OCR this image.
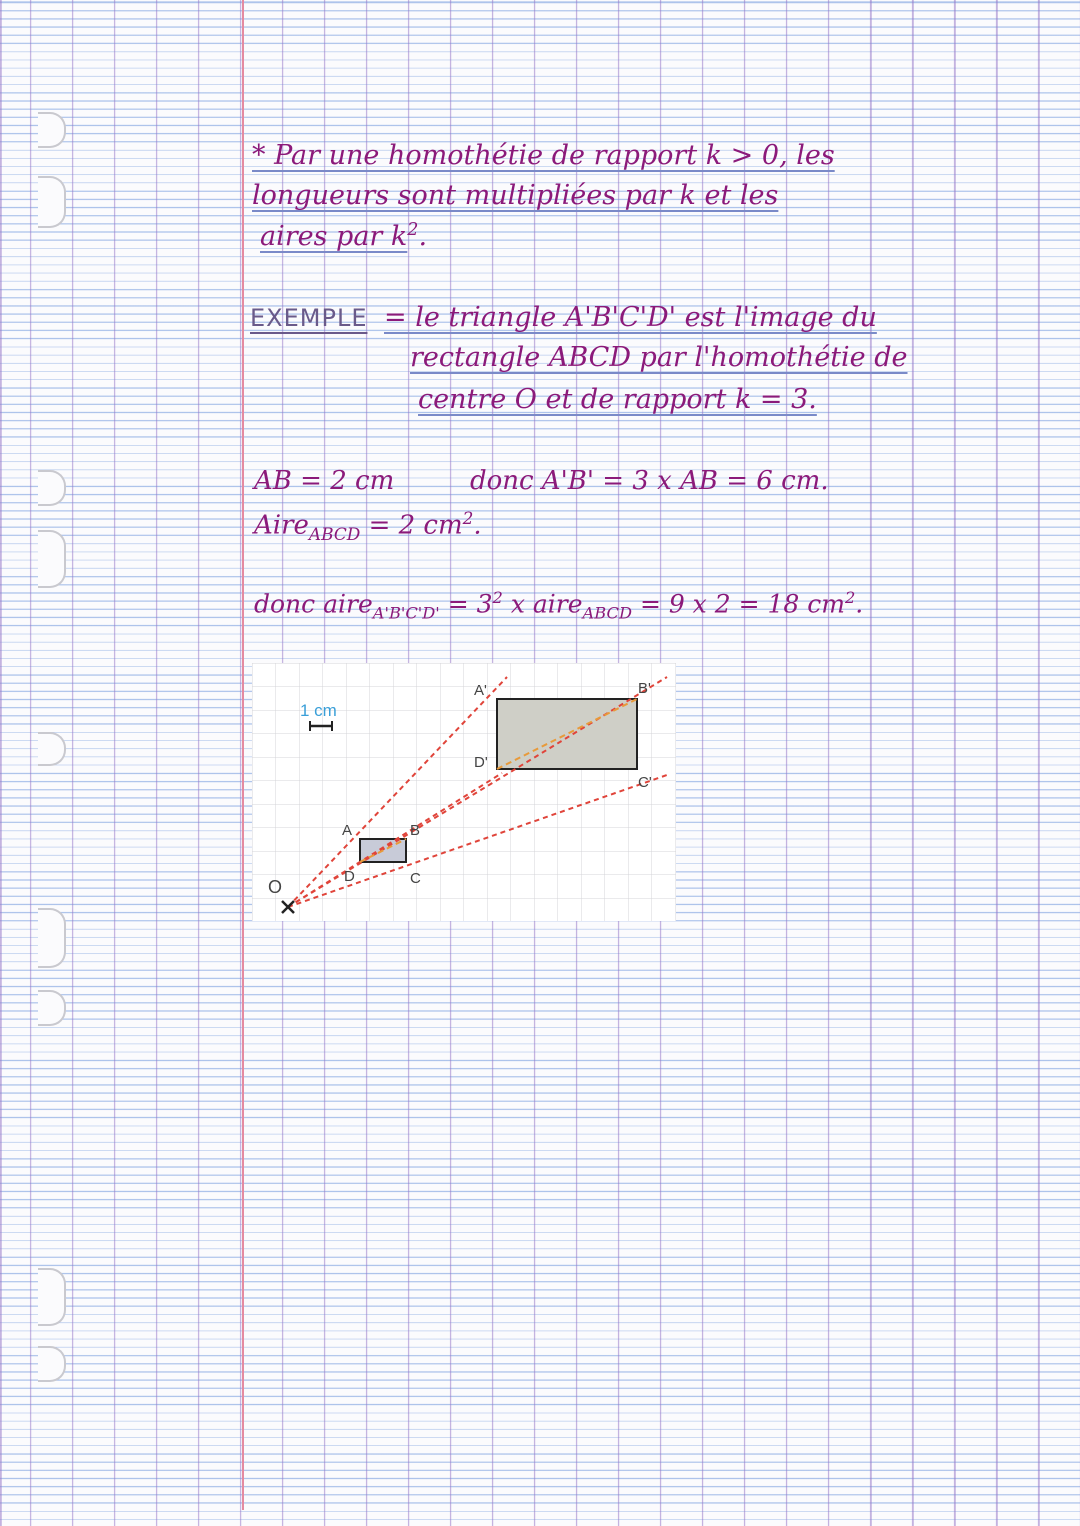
* Par une homothétie de rapport k > 0, les
longueurs sont multipliées par k et les
aires par $k^2$.
EXEMPLE = le triangle A'B'C'D' est l'image du
rectangle ABCD par l'homothétie de
centre O et de rapport k = 3.
AB = 2 cm	donc A'B' = 3 x AB = 6 cm.
Aire$_{ABCD}$ = 2 $cm^2$.
donc aire$_{A'B'C'D'}$ = $3^2$ x aire$_{ABCD}$ = 9 x 2 = 18 $cm^2$.
1 cm
O
A	B
C
D
A'	B'
C'
D'
